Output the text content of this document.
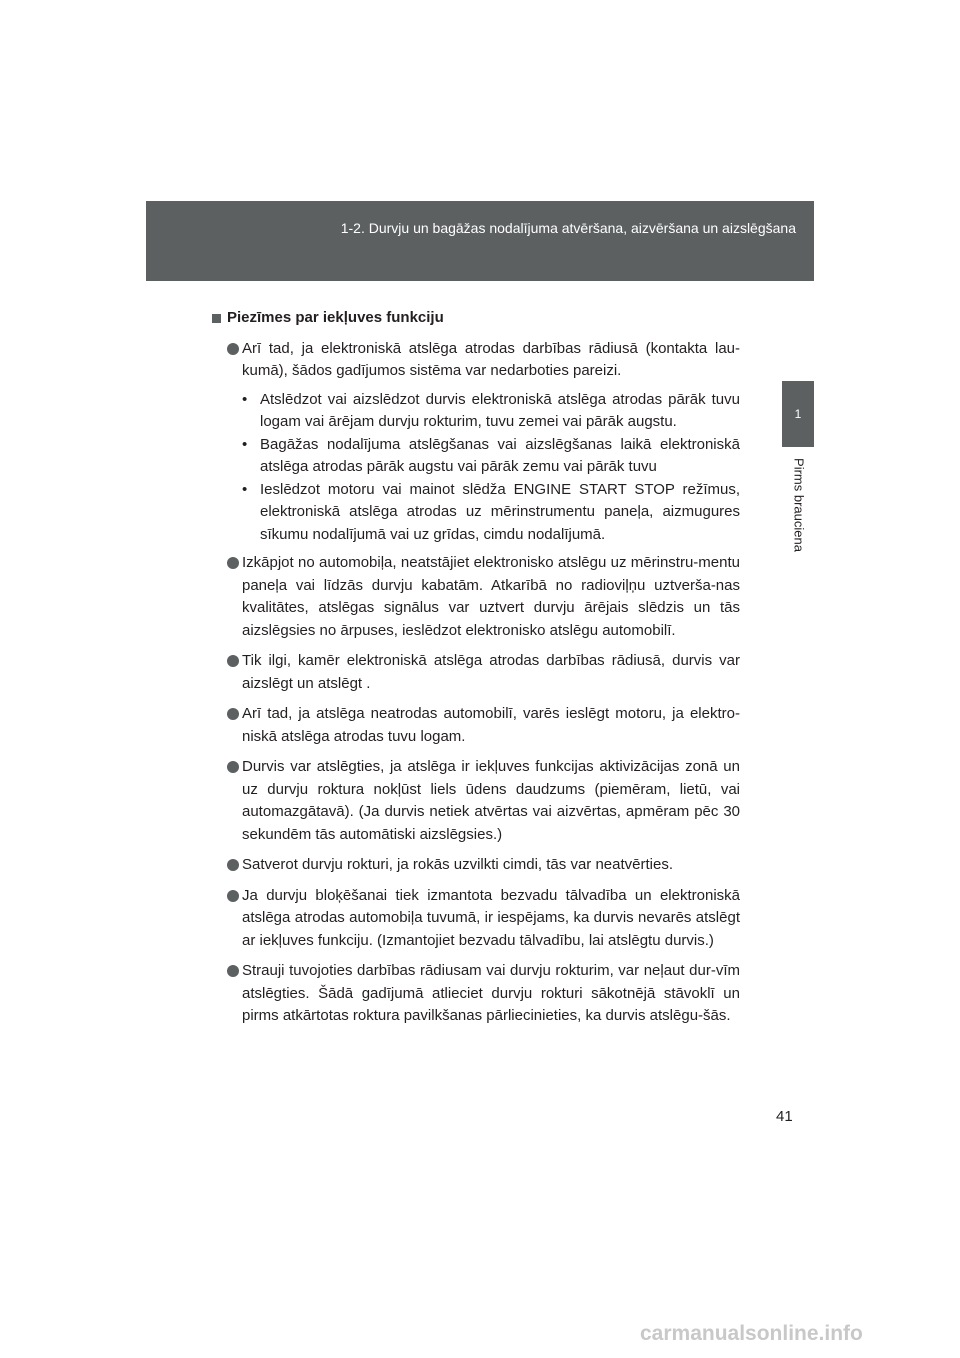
1-2. Durvju un bagāžas nodalījuma atvēršana, aizvēršana un aizslēgšana
1
Pirms brauciena
Piezīmes par iekļuves funkciju
Arī tad, ja elektroniskā atslēga atrodas darbības rādiusā (kontakta lau-kumā), šādos gadījumos sistēma var nedarboties pareizi.
• Atslēdzot vai aizslēdzot durvis elektroniskā atslēga atrodas pārāk tuvu logam vai ārējam durvju rokturim, tuvu zemei vai pārāk augstu.
• Bagāžas nodalījuma atslēgšanas vai aizslēgšanas laikā elektroniskā atslēga atrodas pārāk augstu vai pārāk zemu vai pārāk tuvu
• Ieslēdzot motoru vai mainot slēdža ENGINE START STOP režīmus, elektroniskā atslēga atrodas uz mērinstrumentu paneļa, aizmugures sīkumu nodalījumā vai uz grīdas, cimdu nodalījumā.
Izkāpjot no automobiļa, neatstājiet elektronisko atslēgu uz mērinstru-mentu paneļa vai līdzās durvju kabatām. Atkarībā no radioviļņu uztverša-nas kvalitātes, atslēgas signālus var uztvert durvju ārējais slēdzis un tās aizslēgsies no ārpuses, ieslēdzot elektronisko atslēgu automobilī.
Tik ilgi, kamēr elektroniskā atslēga atrodas darbības rādiusā, durvis var aizslēgt un atslēgt .
Arī tad, ja atslēga neatrodas automobilī, varēs ieslēgt motoru, ja elektro-niskā atslēga atrodas tuvu logam.
Durvis var atslēgties, ja atslēga ir iekļuves funkcijas aktivizācijas zonā un uz durvju roktura nokļūst liels ūdens daudzums (piemēram, lietū, vai automazgātavā). (Ja durvis netiek atvērtas vai aizvērtas, apmēram pēc 30 sekundēm tās automātiski aizslēgsies.)
Satverot durvju rokturi, ja rokās uzvilkti cimdi, tās var neatvērties.
Ja durvju bloķēšanai tiek izmantota bezvadu tālvadība un elektroniskā atslēga atrodas automobiļa tuvumā, ir iespējams, ka durvis nevarēs atslēgt ar iekļuves funkciju. (Izmantojiet bezvadu tālvadību, lai atslēgtu durvis.)
Strauji tuvojoties darbības rādiusam vai durvju rokturim, var neļaut dur-vīm atslēgties. Šādā gadījumā atlieciet durvju rokturi sākotnējā stāvoklī un pirms atkārtotas roktura pavilkšanas pārliecinieties, ka durvis atslēgu-šās.
41
carmanualsonline.info
